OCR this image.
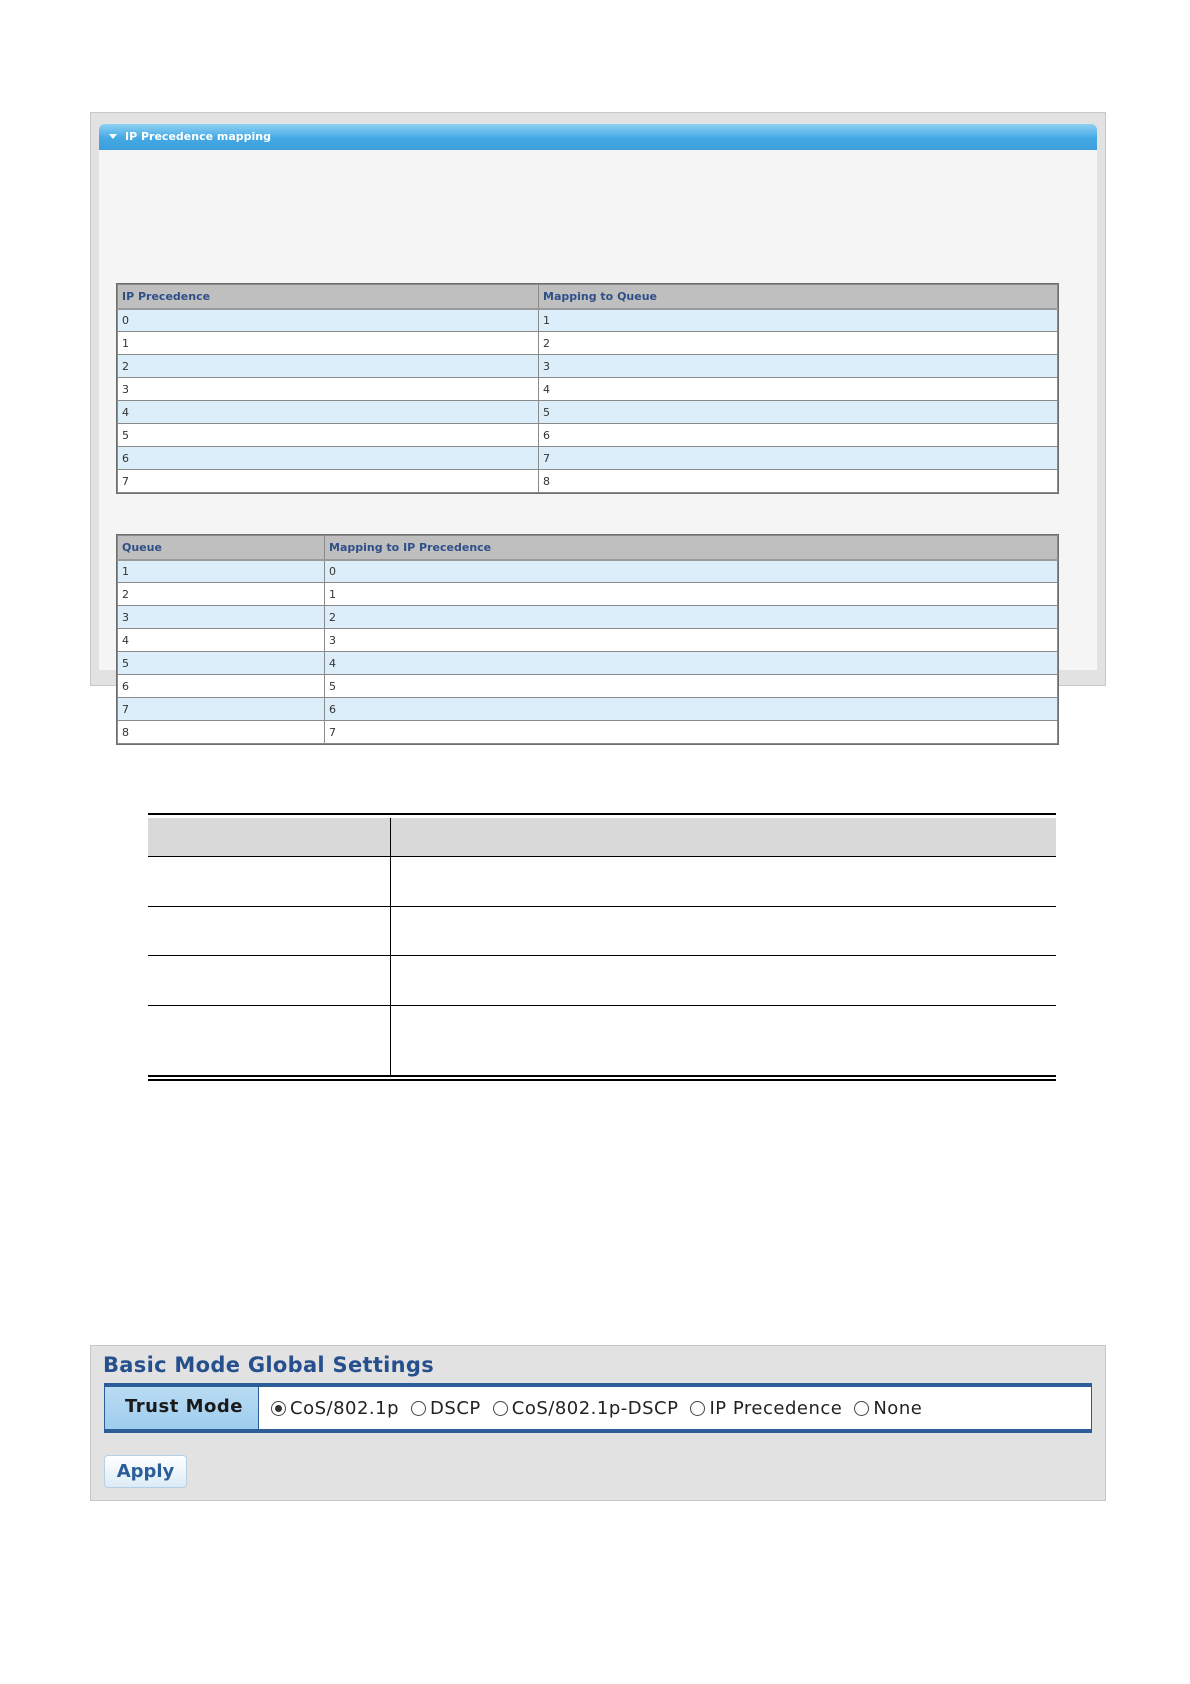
IP Precedence mapping
IP Precedence	Mapping to Queue
0	1
1	2
2	3
3	4
4	5
5	6
6	7
7	8
Queue	Mapping to IP Precedence
1	0
2	1
3	2
4	3
5	4
6	5
7	6
8	7
Basic Mode Global Settings
Trust Mode	CoS/802.1p DSCP CoS/802.1p-DSCP IP Precedence None
Apply
